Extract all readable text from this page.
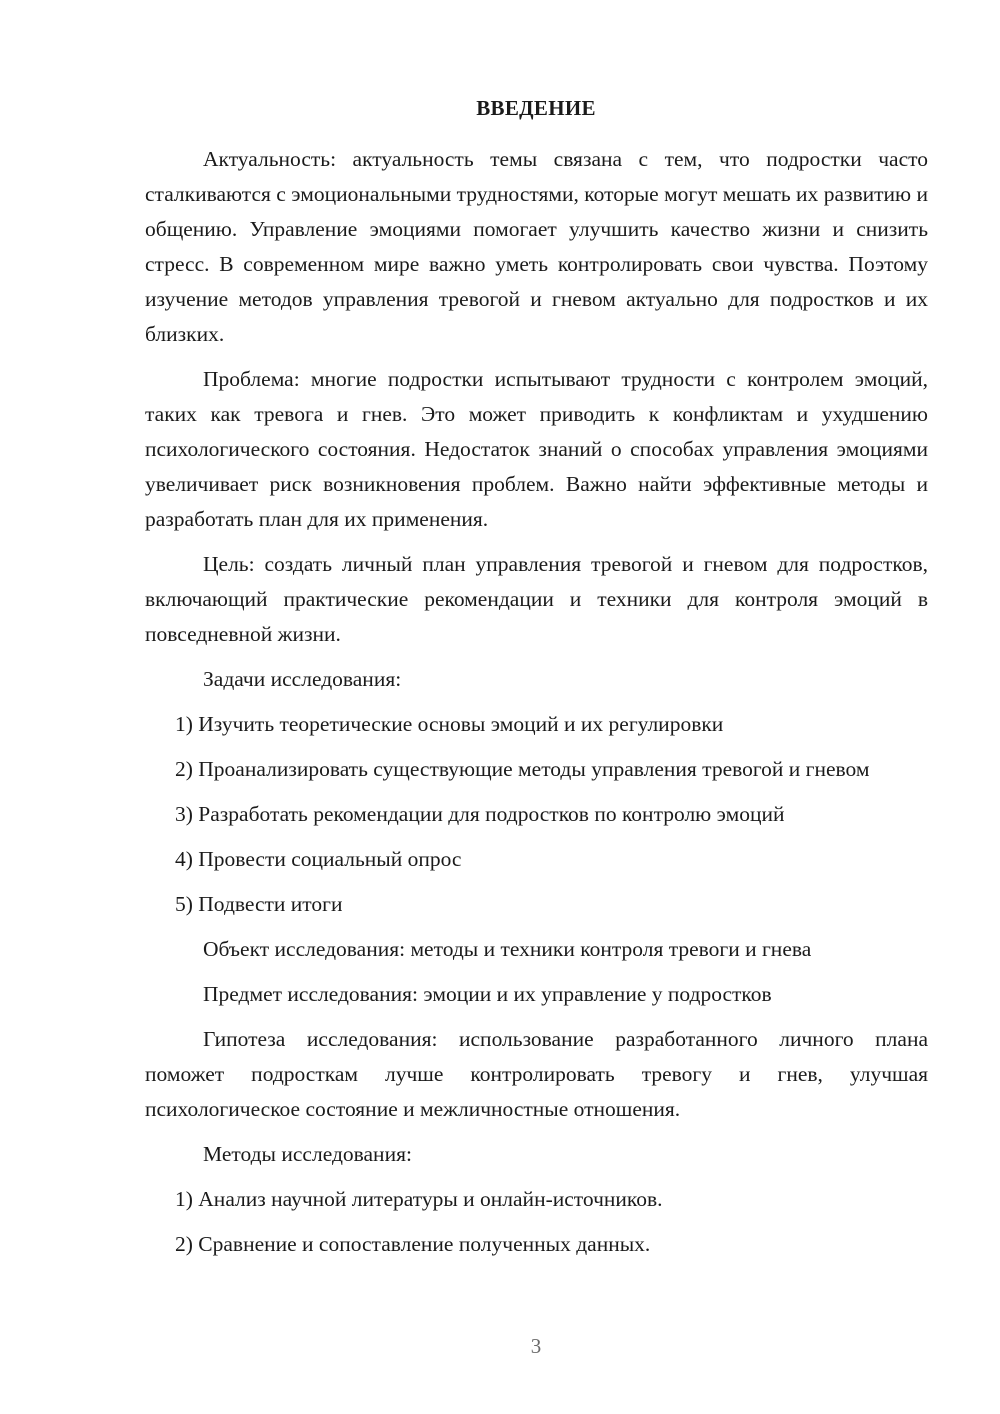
ВВЕДЕНИЕ

Актуальность: актуальность темы связана с тем, что подростки часто сталкиваются с эмоциональными трудностями, которые могут мешать их развитию и общению. Управление эмоциями помогает улучшить качество жизни и снизить стресс. В современном мире важно уметь контролировать свои чувства. Поэтому изучение методов управления тревогой и гневом актуально для подростков и их близких.

Проблема: многие подростки испытывают трудности с контролем эмоций, таких как тревога и гнев. Это может приводить к конфликтам и ухудшению психологического состояния. Недостаток знаний о способах управления эмоциями увеличивает риск возникновения проблем. Важно найти эффективные методы и разработать план для их применения.

Цель: создать личный план управления тревогой и гневом для подростков, включающий практические рекомендации и техники для контроля эмоций в повседневной жизни.

Задачи исследования:

1) Изучить теоретические основы эмоций и их регулировки

2) Проанализировать существующие методы управления тревогой и гневом

3) Разработать рекомендации для подростков по контролю эмоций

4) Провести социальный опрос

5) Подвести итоги

Объект исследования: методы и техники контроля тревоги и гнева

Предмет исследования: эмоции и их управление у подростков

Гипотеза исследования: использование разработанного личного плана поможет подросткам лучше контролировать тревогу и гнев, улучшая психологическое состояние и межличностные отношения.

Методы исследования:

1) Анализ научной литературы и онлайн-источников.

2) Сравнение и сопоставление полученных данных.

3
